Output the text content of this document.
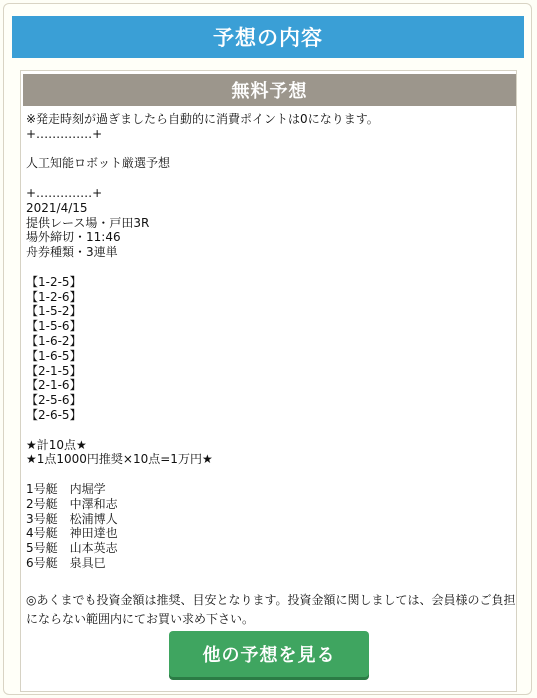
予想の内容
無料予想
※発走時刻が過ぎましたら自動的に消費ポイントは0になります。
+‥‥‥‥‥‥‥+

人工知能ロボット厳選予想

+‥‥‥‥‥‥‥+
2021/4/15
提供レース場・戸田3R
場外締切・11:46
舟券種類・3連単

【1-2-5】
【1-2-6】
【1-5-2】
【1-5-6】
【1-6-2】
【1-6-5】
【2-1-5】
【2-1-6】
【2-5-6】
【2-6-5】

★計10点★
★1点1000円推奨×10点=1万円★

1号艇　内堀学
2号艇　中澤和志
3号艇　松浦博人
4号艇　神田達也
5号艇　山本英志
6号艇　泉具巳
◎あくまでも投資金額は推奨、目安となります。投資金額に関しましては、会員様のご負担にならない範囲内にてお買い求め下さい。
他の予想を見る
